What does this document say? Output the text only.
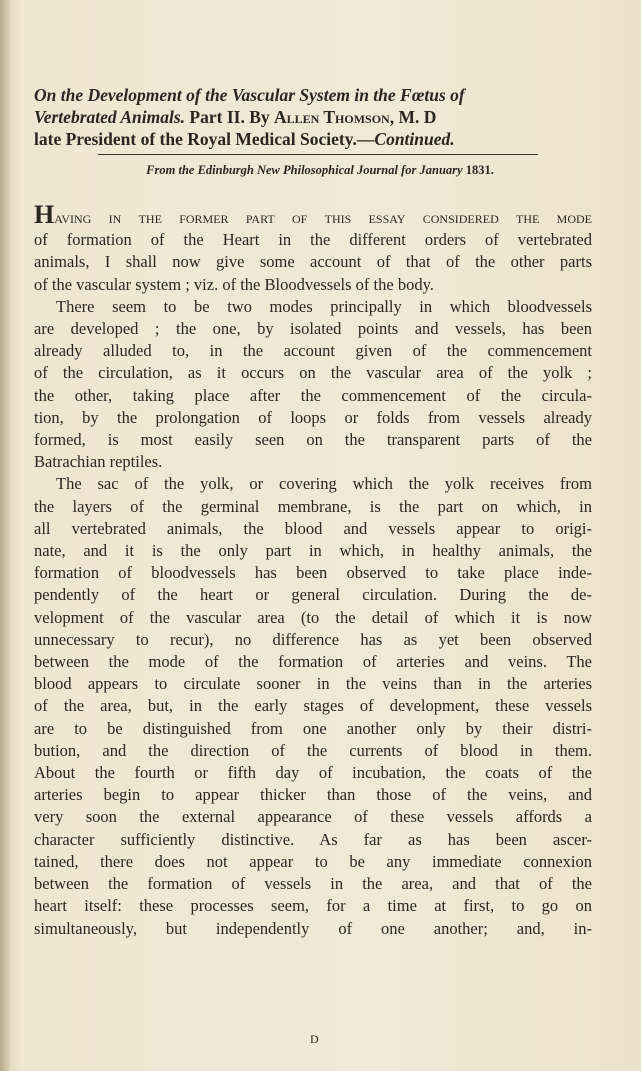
On the Development of the Vascular System in the Fœtus of
Vertebrated Animals. Part II. By Allen Thomson, M. D
late President of the Royal Medical Society.—Continued.
From the Edinburgh New Philosophical Journal for January 1831.
Having in the former part of this essay considered the mode
of formation of the Heart in the different orders of vertebrated
animals, I shall now give some account of that of the other parts
of the vascular system ; viz. of the Bloodvessels of the body.
There seem to be two modes principally in which bloodvessels
are developed ; the one, by isolated points and vessels, has been
already alluded to, in the account given of the commencement
of the circulation, as it occurs on the vascular area of the yolk ;
the other, taking place after the commencement of the circula-
tion, by the prolongation of loops or folds from vessels already
formed, is most easily seen on the transparent parts of the
Batrachian reptiles.
The sac of the yolk, or covering which the yolk receives from
the layers of the germinal membrane, is the part on which, in
all vertebrated animals, the blood and vessels appear to origi-
nate, and it is the only part in which, in healthy animals, the
formation of bloodvessels has been observed to take place inde-
pendently of the heart or general circulation. During the de-
velopment of the vascular area (to the detail of which it is now
unnecessary to recur), no difference has as yet been observed
between the mode of the formation of arteries and veins. The
blood appears to circulate sooner in the veins than in the arteries
of the area, but, in the early stages of development, these vessels
are to be distinguished from one another only by their distri-
bution, and the direction of the currents of blood in them.
About the fourth or fifth day of incubation, the coats of the
arteries begin to appear thicker than those of the veins, and
very soon the external appearance of these vessels affords a
character sufficiently distinctive. As far as has been ascer-
tained, there does not appear to be any immediate connexion
between the formation of vessels in the area, and that of the
heart itself: these processes seem, for a time at first, to go on
simultaneously, but independently of one another; and, in-
D
